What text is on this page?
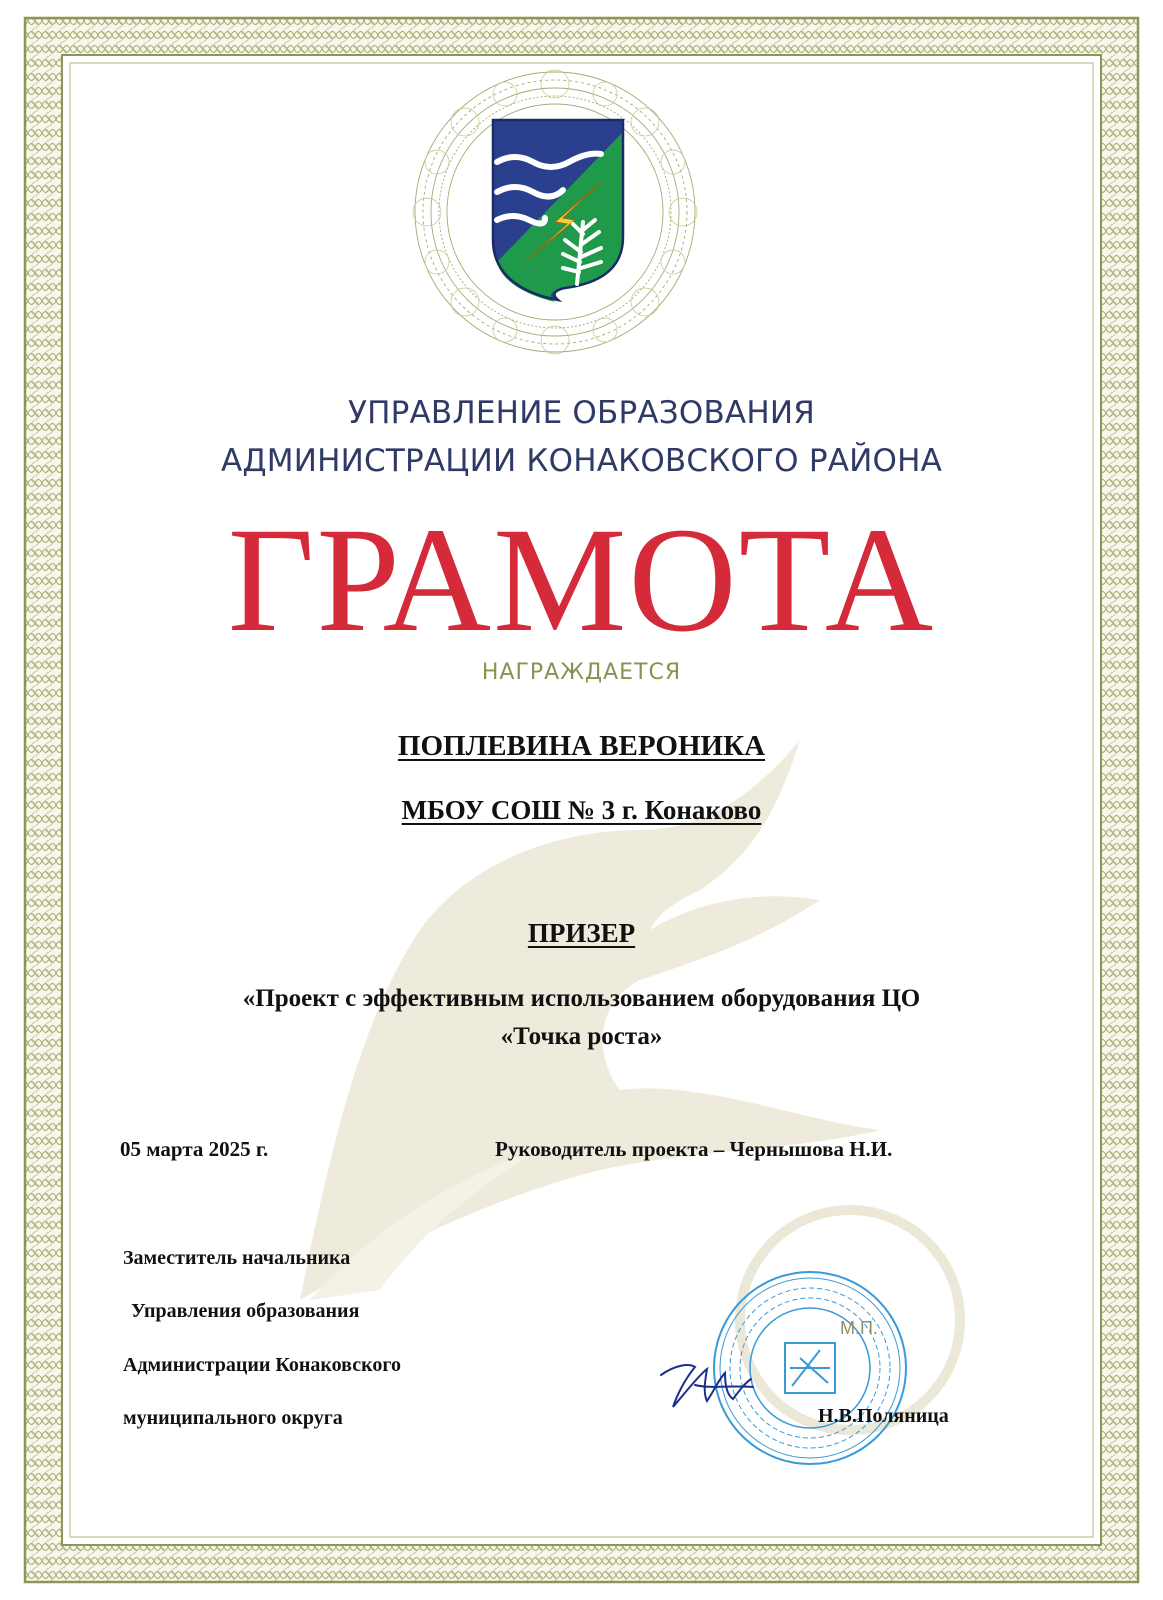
УПРАВЛЕНИЕ ОБРАЗОВАНИЯ

АДМИНИСТРАЦИИ КОНАКОВСКОГО РАЙОНА

ГРАМОТА

НАГРАЖДАЕТСЯ

ПОПЛЕВИНА ВЕРОНИКА

МБОУ СОШ № 3 г. Конаково

ПРИЗЕР

«Проект с эффективным использованием оборудования ЦО

«Точка роста»

05 марта 2025 г.	Руководитель проекта – Чернышова Н.И.

Заместитель начальника

Управления образования

Администрации Конаковского

муниципального округа

М.П.

Н.В.Поляница
